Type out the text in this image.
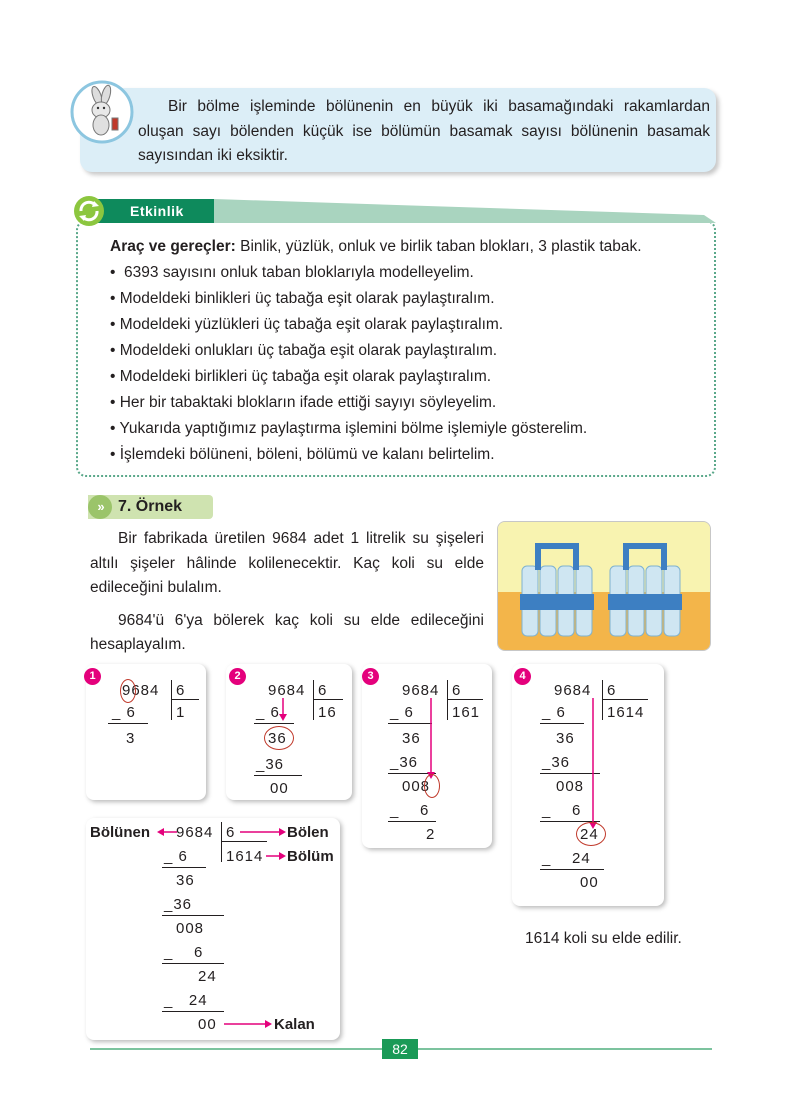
Bir bölme işleminde bölünenin en büyük iki basamağındaki rakamlardan oluşan sayı bölenden küçük ise bölümün basamak sayısı bölünenin basamak sayısından iki eksiktir.
Etkinlik
Araç ve gereçler: Binlik, yüzlük, onluk ve birlik taban blokları, 3 plastik tabak.
•  6393 sayısını onluk taban bloklarıyla modelleyelim.
• Modeldeki binlikleri üç tabağa eşit olarak paylaştıralım.
• Modeldeki yüzlükleri üç tabağa eşit olarak paylaştıralım.
• Modeldeki onlukları üç tabağa eşit olarak paylaştıralım.
• Modeldeki birlikleri üç tabağa eşit olarak paylaştıralım.
• Her bir tabaktaki blokların ifade ettiği sayıyı söyleyelim.
• Yukarıda yaptığımız paylaştırma işlemini bölme işlemiyle gösterelim.
• İşlemdeki bölüneni, böleni, bölümü ve kalanı belirtelim.
» 7. Örnek
Bir fabrikada üretilen 9684 adet 1 litrelik su şişeleri altılı şişeler hâlinde kolilenecektir. Kaç koli su elde edileceğini bulalım.
9684'ü 6'ya bölerek kaç koli su elde edileceğini hesaplayalım.
9684 6
1
_ 6
3
1
9684 6
16
_ 6
36
_36
00
2
9684 6
161
_ 6
36
_36
008
_    6
2
3
9684 6
1614
_ 6
36
_36
008
_    6
24
_    24
00
4
Bölünen 9684 6	Bölen
1614 Bölüm
_ 6
36
_36
008
_    6
24
_   24
00	Kalan
1614 koli su elde edilir.
82
